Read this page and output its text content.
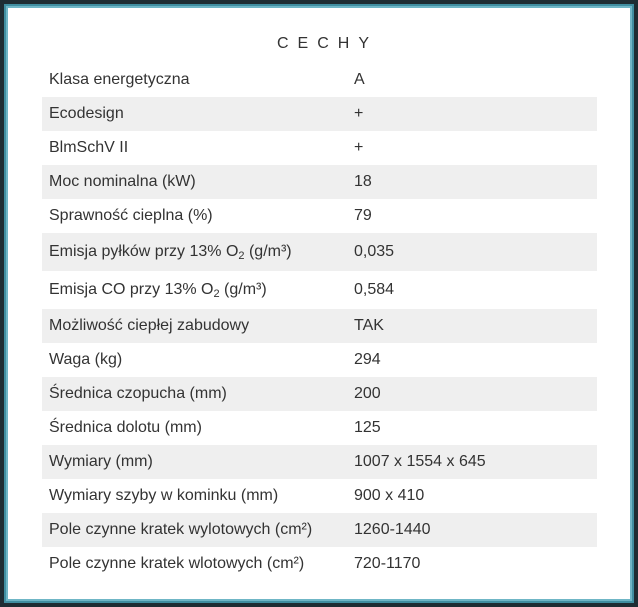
CECHY
Klasa energetyczna	A
Ecodesign	+
BlmSchV II	+
Moc nominalna (kW)	18
Sprawność cieplna (%)	79
Emisja pyłków przy 13% $O_2$ (g/m³)	0,035
Emisja CO przy 13% $O_2$ (g/m³)	0,584
Możliwość ciepłej zabudowy	TAK
Waga (kg)	294
Średnica czopucha (mm)	200
Średnica dolotu (mm)	125
Wymiary (mm)	1007 x 1554 x 645
Wymiary szyby w kominku (mm)	900 x 410
Pole czynne kratek wylotowych (cm²)	1260-1440
Pole czynne kratek wlotowych (cm²)	720-1170
